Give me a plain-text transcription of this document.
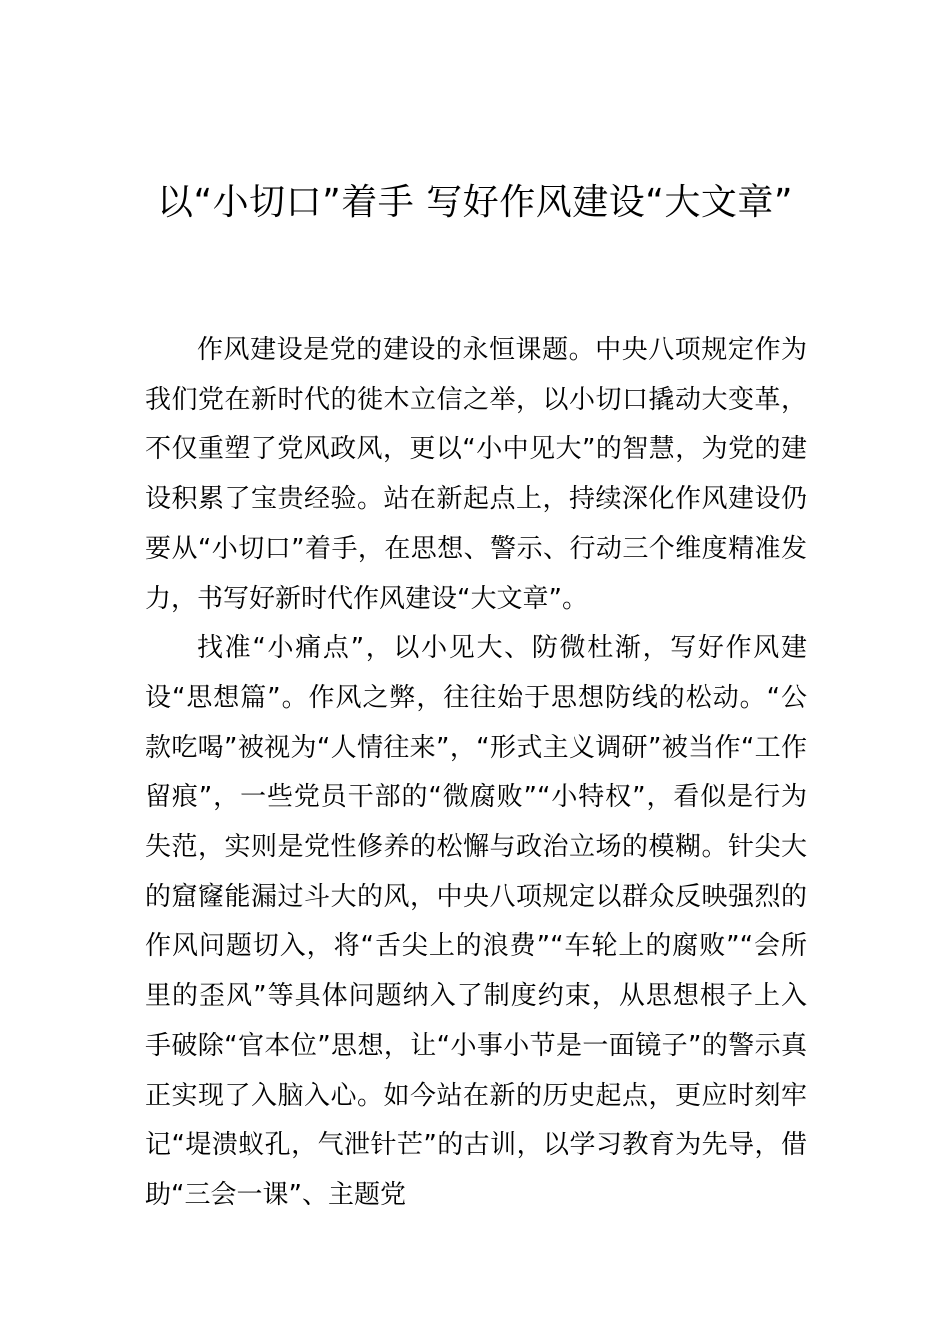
以“小切口”着手 写好作风建设“大文章”

作风建设是党的建设的永恒课题。中央八项规定作为我们党在新时代的徙木立信之举，以小切口撬动大变革，不仅重塑了党风政风，更以“小中见大”的智慧，为党的建设积累了宝贵经验。站在新起点上，持续深化作风建设仍要从“小切口”着手，在思想、警示、行动三个维度精准发力，书写好新时代作风建设“大文章”。

找准“小痛点”，以小见大、防微杜渐，写好作风建设“思想篇”。作风之弊，往往始于思想防线的松动。“公款吃喝”被视为“人情往来”，“形式主义调研”被当作“工作留痕”，一些党员干部的“微腐败”“小特权”，看似是行为失范，实则是党性修养的松懈与政治立场的模糊。针尖大的窟窿能漏过斗大的风，中央八项规定以群众反映强烈的作风问题切入，将“舌尖上的浪费”“车轮上的腐败”“会所里的歪风”等具体问题纳入了制度约束，从思想根子上入手破除“官本位”思想，让“小事小节是一面镜子”的警示真正实现了入脑入心。如今站在新的历史起点，更应时刻牢记“堤溃蚁孔，气泄针芒”的古训，以学习教育为先导，借助“三会一课”、主题党
